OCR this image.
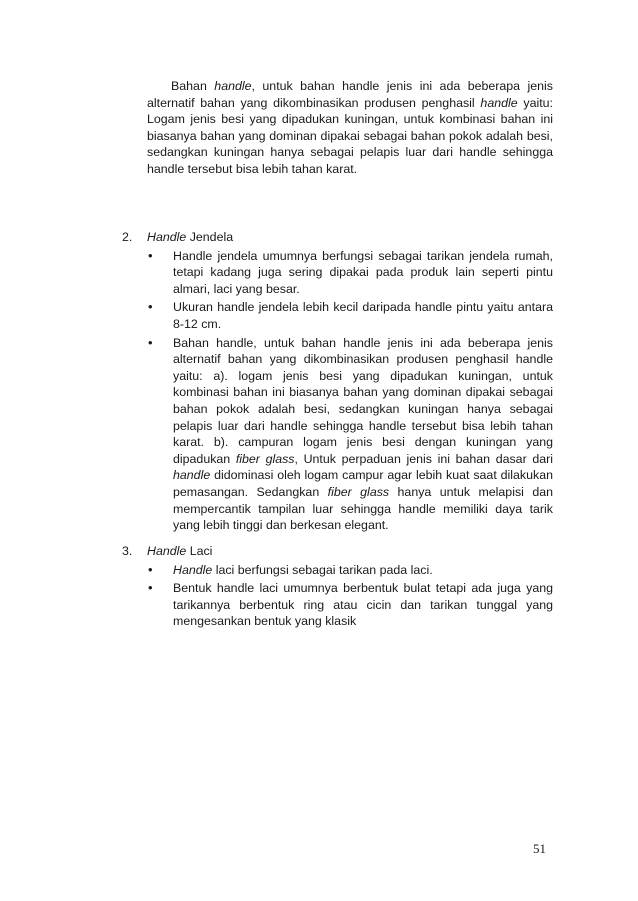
Bahan handle, untuk bahan handle jenis ini ada beberapa jenis alternatif bahan yang dikombinasikan produsen penghasil handle yaitu: Logam jenis besi yang dipadukan kuningan, untuk kombinasi bahan ini biasanya bahan yang dominan dipakai sebagai bahan pokok adalah besi, sedangkan kuningan hanya sebagai pelapis luar dari handle sehingga handle tersebut bisa lebih tahan karat.

2.	Handle Jendela
•	Handle jendela umumnya berfungsi sebagai tarikan jendela rumah, tetapi kadang juga sering dipakai pada produk lain seperti pintu almari, laci yang besar.
•	Ukuran handle jendela lebih kecil daripada handle pintu yaitu antara 8-12 cm.
•	Bahan handle, untuk bahan handle jenis ini ada beberapa jenis alternatif bahan yang dikombinasikan produsen penghasil handle yaitu: a). logam jenis besi yang dipadukan kuningan, untuk kombinasi bahan ini biasanya bahan yang dominan dipakai sebagai bahan pokok adalah besi, sedangkan kuningan hanya sebagai pelapis luar dari handle sehingga handle tersebut bisa lebih tahan karat. b). campuran logam jenis besi dengan kuningan yang dipadukan fiber glass, Untuk perpaduan jenis ini bahan dasar dari handle didominasi oleh logam campur agar lebih kuat saat dilakukan pemasangan. Sedangkan fiber glass hanya untuk melapisi dan mempercantik tampilan luar sehingga handle memiliki daya tarik yang lebih tinggi dan berkesan elegant.
3.	Handle Laci
•	Handle laci berfungsi sebagai tarikan pada laci.
•	Bentuk handle laci umumnya berbentuk bulat tetapi ada juga yang tarikannya berbentuk ring atau cicin dan tarikan tunggal yang mengesankan bentuk yang klasik
51
